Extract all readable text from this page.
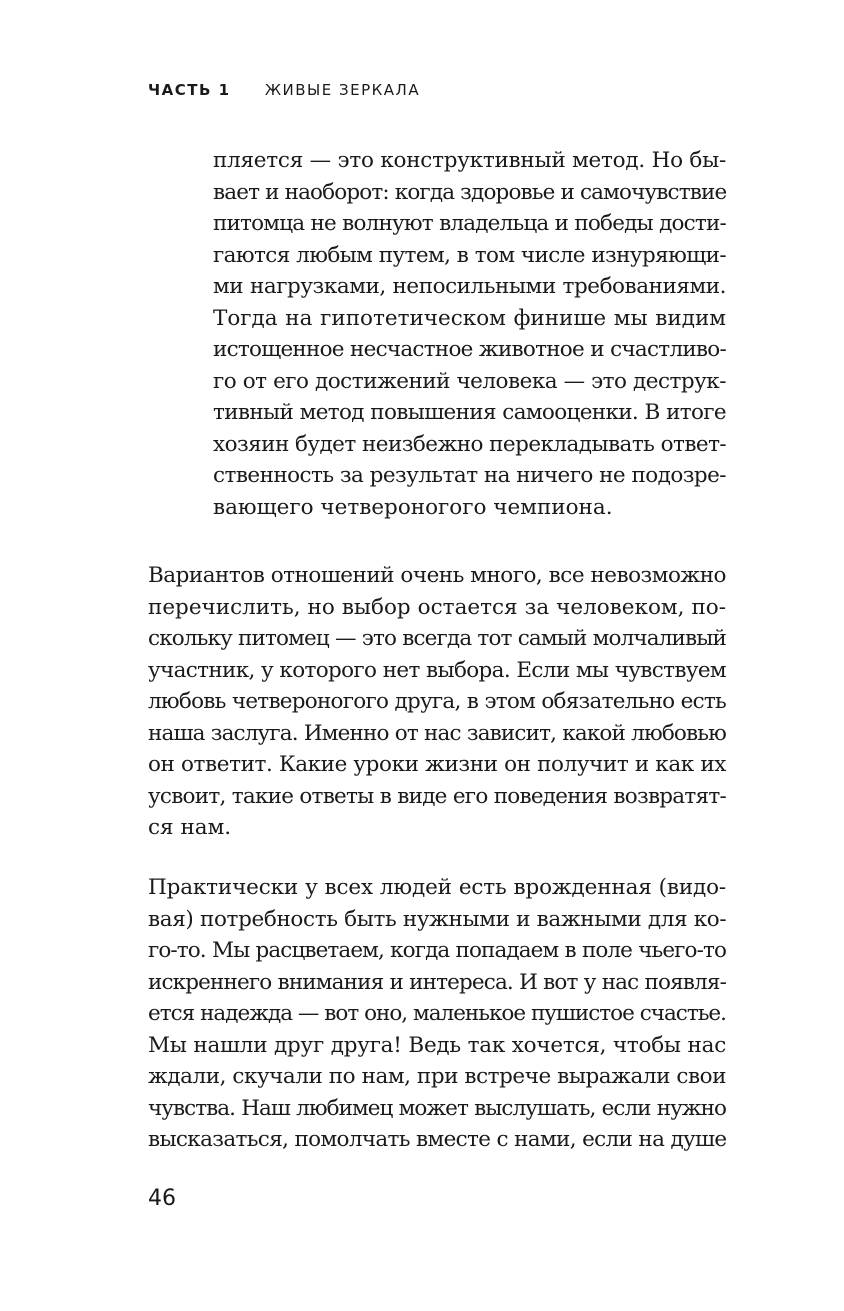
ЧАСТЬ 1 ЖИВЫЕ ЗЕРКАЛА
пляется — это конструктивный метод. Но бы-
вает и наоборот: когда здоровье и самочувствие
питомца не волнуют владельца и победы дости-
гаются любым путем, в том числе изнуряющи-
ми нагрузками, непосильными требованиями.
Тогда на гипотетическом финише мы видим
истощенное несчастное животное и счастливо-
го от его достижений человека — это деструк-
тивный метод повышения самооценки. В итоге
хозяин будет неизбежно перекладывать ответ-
ственность за результат на ничего не подозре-
вающего четвероногого чемпиона.
Вариантов отношений очень много, все невозможно
перечислить, но выбор остается за человеком, по-
скольку питомец — это всегда тот самый молчаливый
участник, у которого нет выбора. Если мы чувствуем
любовь четвероногого друга, в этом обязательно есть
наша заслуга. Именно от нас зависит, какой любовью
он ответит. Какие уроки жизни он получит и как их
усвоит, такие ответы в виде его поведения возвратят-
ся нам.
Практически у всех людей есть врожденная (видо-
вая) потребность быть нужными и важными для ко-
го-то. Мы расцветаем, когда попадаем в поле чьего-то
искреннего внимания и интереса. И вот у нас появля-
ется надежда — вот оно, маленькое пушистое счастье.
Мы нашли друг друга! Ведь так хочется, чтобы нас
ждали, скучали по нам, при встрече выражали свои
чувства. Наш любимец может выслушать, если нужно
высказаться, помолчать вместе с нами, если на душе
46
